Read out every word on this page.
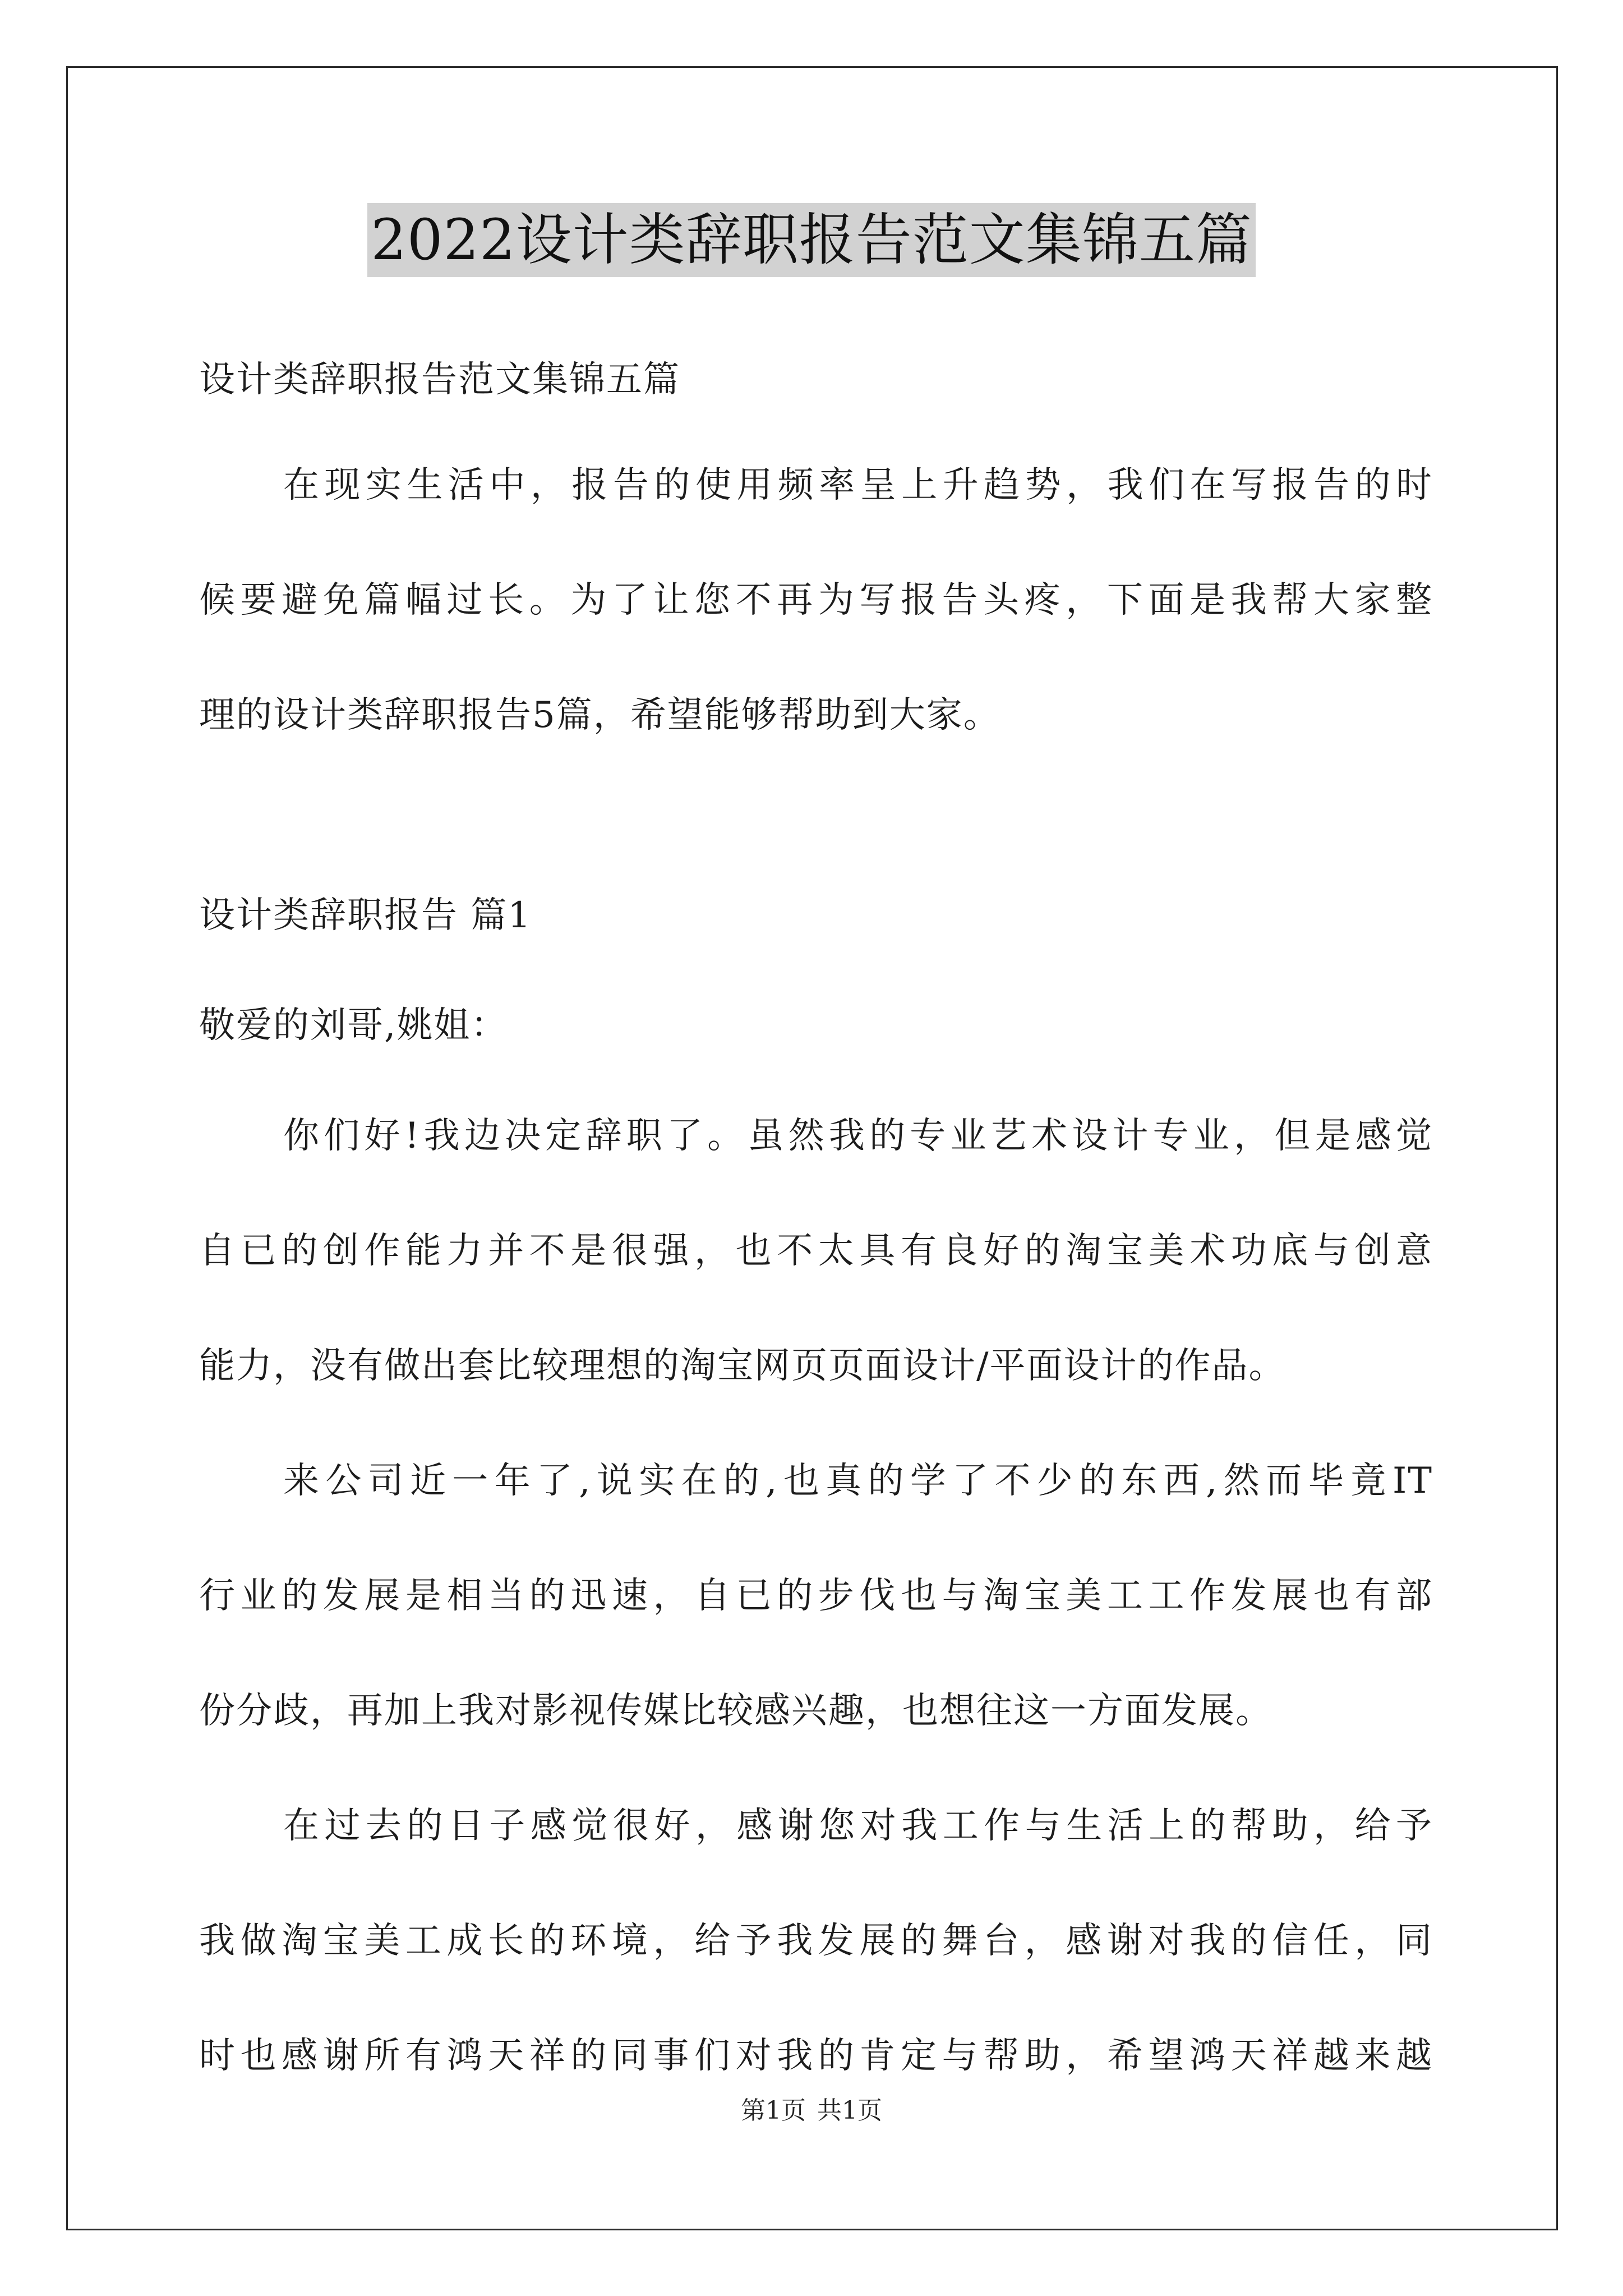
2022设计类辞职报告范文集锦五篇
设计类辞职报告范文集锦五篇
在现实生活中，报告的使用频率呈上升趋势，我们在写报告的时
候要避免篇幅过长。为了让您不再为写报告头疼，下面是我帮大家整
理的设计类辞职报告5篇，希望能够帮助到大家。
设计类辞职报告 篇1
敬爱的刘哥,姚姐：
你们好!我边决定辞职了。虽然我的专业艺术设计专业，但是感觉
自已的创作能力并不是很强，也不太具有良好的淘宝美术功底与创意
能力，没有做出套比较理想的淘宝网页页面设计/平面设计的作品。
来公司近一年了,说实在的,也真的学了不少的东西,然而毕竟IT
行业的发展是相当的迅速，自已的步伐也与淘宝美工工作发展也有部
份分歧，再加上我对影视传媒比较感兴趣，也想往这一方面发展。
在过去的日子感觉很好，感谢您对我工作与生活上的帮助，给予
我做淘宝美工成长的环境，给予我发展的舞台，感谢对我的信任，同
时也感谢所有鸿天祥的同事们对我的肯定与帮助，希望鸿天祥越来越
第1页 共1页
